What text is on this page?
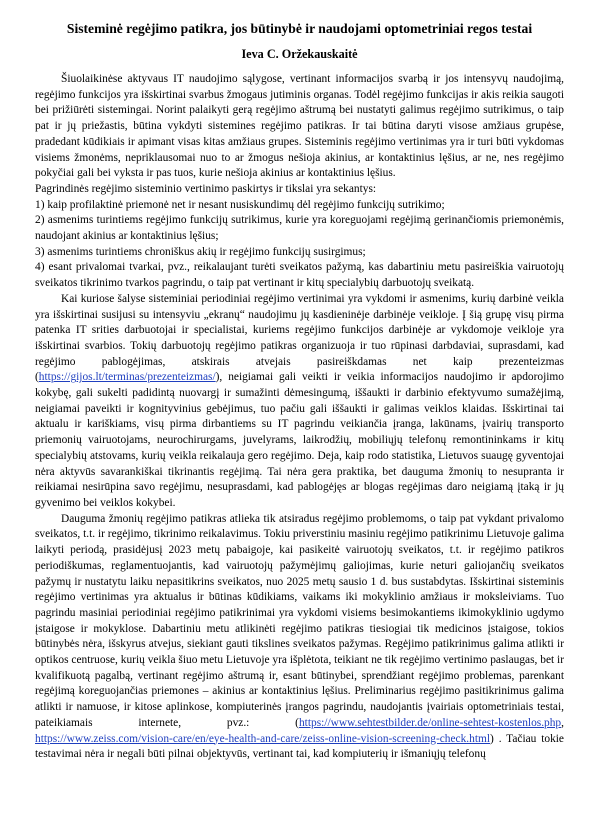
Sisteminė regėjimo patikra, jos būtinybė ir naudojami optometriniai regos testai

Ieva C. Oržekauskaitė

Šiuolaikinėse aktyvaus IT naudojimo sąlygose, vertinant informacijos svarbą ir jos intensyvų naudojimą, regėjimo funkcijos yra išskirtinai svarbus žmogaus jutiminis organas. Todėl regėjimo funkcijas ir akis reikia saugoti bei prižiūrėti sistemingai. Norint palaikyti gerą regėjimo aštrumą bei nustatyti galimus regėjimo sutrikimus, o taip pat ir jų priežastis, būtina vykdyti sistemines regėjimo patikras. Ir tai būtina daryti visose amžiaus grupėse, pradedant kūdikiais ir apimant visas kitas amžiaus grupes. Sisteminis regėjimo vertinimas yra ir turi būti vykdomas visiems žmonėms, nepriklausomai nuo to ar žmogus nešioja akinius, ar kontaktinius lęšius, ar ne, nes regėjimo pokyčiai gali bei vyksta ir pas tuos, kurie nešioja akinius ar kontaktinius lęšius.

Pagrindinės regėjimo sisteminio vertinimo paskirtys ir tikslai yra sekantys:

1) kaip profilaktinė priemonė net ir nesant nusiskundimų dėl regėjimo funkcijų sutrikimo;

2) asmenims turintiems regėjimo funkcijų sutrikimus, kurie yra koreguojami regėjimą gerinančiomis priemonėmis, naudojant akinius ar kontaktinius lęšius;

3) asmenims turintiems chroniškus akių ir regėjimo funkcijų susirgimus;

4) esant privalomai tvarkai, pvz., reikalaujant turėti sveikatos pažymą, kas dabartiniu metu pasireiškia vairuotojų sveikatos tikrinimo tvarkos pagrindu, o taip pat vertinant ir kitų specialybių darbuotojų sveikatą.

Kai kuriose šalyse sisteminiai periodiniai regėjimo vertinimai yra vykdomi ir asmenims, kurių darbinė veikla yra išskirtinai susijusi su intensyviu „ekranų“ naudojimu jų kasdieninėje darbinėje veikloje. Į šią grupę visų pirma patenka IT srities darbuotojai ir specialistai, kuriems regėjimo funkcijos darbinėje ar vykdomoje veikloje yra išskirtinai svarbios. Tokių darbuotojų regėjimo patikras organizuoja ir tuo rūpinasi darbdaviai, suprasdami, kad regėjimo pablogėjimas, atskirais atvejais pasireiškdamas net kaip prezenteizmas (https://gijos.lt/terminas/prezenteizmas/), neigiamai gali veikti ir veikia informacijos naudojimo ir apdorojimo kokybę, gali sukelti padidintą nuovargį ir sumažinti dėmesingumą, iššaukti ir darbinio efektyvumo sumažėjimą, neigiamai paveikti ir kognityvinius gebėjimus, tuo pačiu gali iššaukti ir galimas veiklos klaidas. Išskirtinai tai aktualu ir kariškiams, visų pirma dirbantiems su IT pagrindu veikiančia įranga, lakūnams, įvairių transporto priemonių vairuotojams, neurochirurgams, juvelyrams, laikrodžių, mobiliųjų telefonų remontininkams ir kitų specialybių atstovams, kurių veikla reikalauja gero regėjimo. Deja, kaip rodo statistika, Lietuvos suaugę gyventojai nėra aktyvūs savarankiškai tikrinantis regėjimą. Tai nėra gera praktika, bet dauguma žmonių to nesupranta ir reikiamai nesirūpina savo regėjimu, nesuprasdami, kad pablogėjęs ar blogas regėjimas daro neigiamą įtaką ir jų gyvenimo bei veiklos kokybei.

Dauguma žmonių regėjimo patikras atlieka tik atsiradus regėjimo problemoms, o taip pat vykdant privalomo sveikatos, t.t. ir regėjimo, tikrinimo reikalavimus. Tokiu priverstiniu masiniu regėjimo patikrinimu Lietuvoje galima laikyti periodą, prasidėjusį 2023 metų pabaigoje, kai pasikeitė vairuotojų sveikatos, t.t. ir regėjimo patikros periodiškumas, reglamentuojantis, kad vairuotojų pažymėjimų galiojimas, kurie neturi galiojančių sveikatos pažymų ir nustatytu laiku nepasitikrins sveikatos, nuo 2025 metų sausio 1 d. bus sustabdytas. Išskirtinai sisteminis regėjimo vertinimas yra aktualus ir būtinas kūdikiams, vaikams iki mokyklinio amžiaus ir moksleiviams. Tuo pagrindu masiniai periodiniai regėjimo patikrinimai yra vykdomi visiems besimokantiems ikimokyklinio ugdymo įstaigose ir mokyklose. Dabartiniu metu atlikinėti regėjimo patikras tiesiogiai tik medicinos įstaigose, tokios būtinybės nėra, išskyrus atvejus, siekiant gauti tikslines sveikatos pažymas. Regėjimo patikrinimus galima atlikti ir optikos centruose, kurių veikla šiuo metu Lietuvoje yra išplėtota, teikiant ne tik regėjimo vertinimo paslaugas, bet ir kvalifikuotą pagalbą, vertinant regėjimo aštrumą ir, esant būtinybei, sprendžiant regėjimo problemas, parenkant regėjimą koreguojančias priemones – akinius ar kontaktinius lęšius. Preliminarius regėjimo pasitikrinimus galima atlikti ir namuose, ir kitose aplinkose, kompiuterinės įrangos pagrindu, naudojantis įvairiais optometriniais testai, pateikiamais internete, pvz.: (https://www.sehtestbilder.de/online-sehtest-kostenlos.php, https://www.zeiss.com/vision-care/en/eye-health-and-care/zeiss-online-vision-screening-check.html) . Tačiau tokie testavimai nėra ir negali būti pilnai objektyvūs, vertinant tai, kad kompiuterių ir išmaniųjų telefonų
